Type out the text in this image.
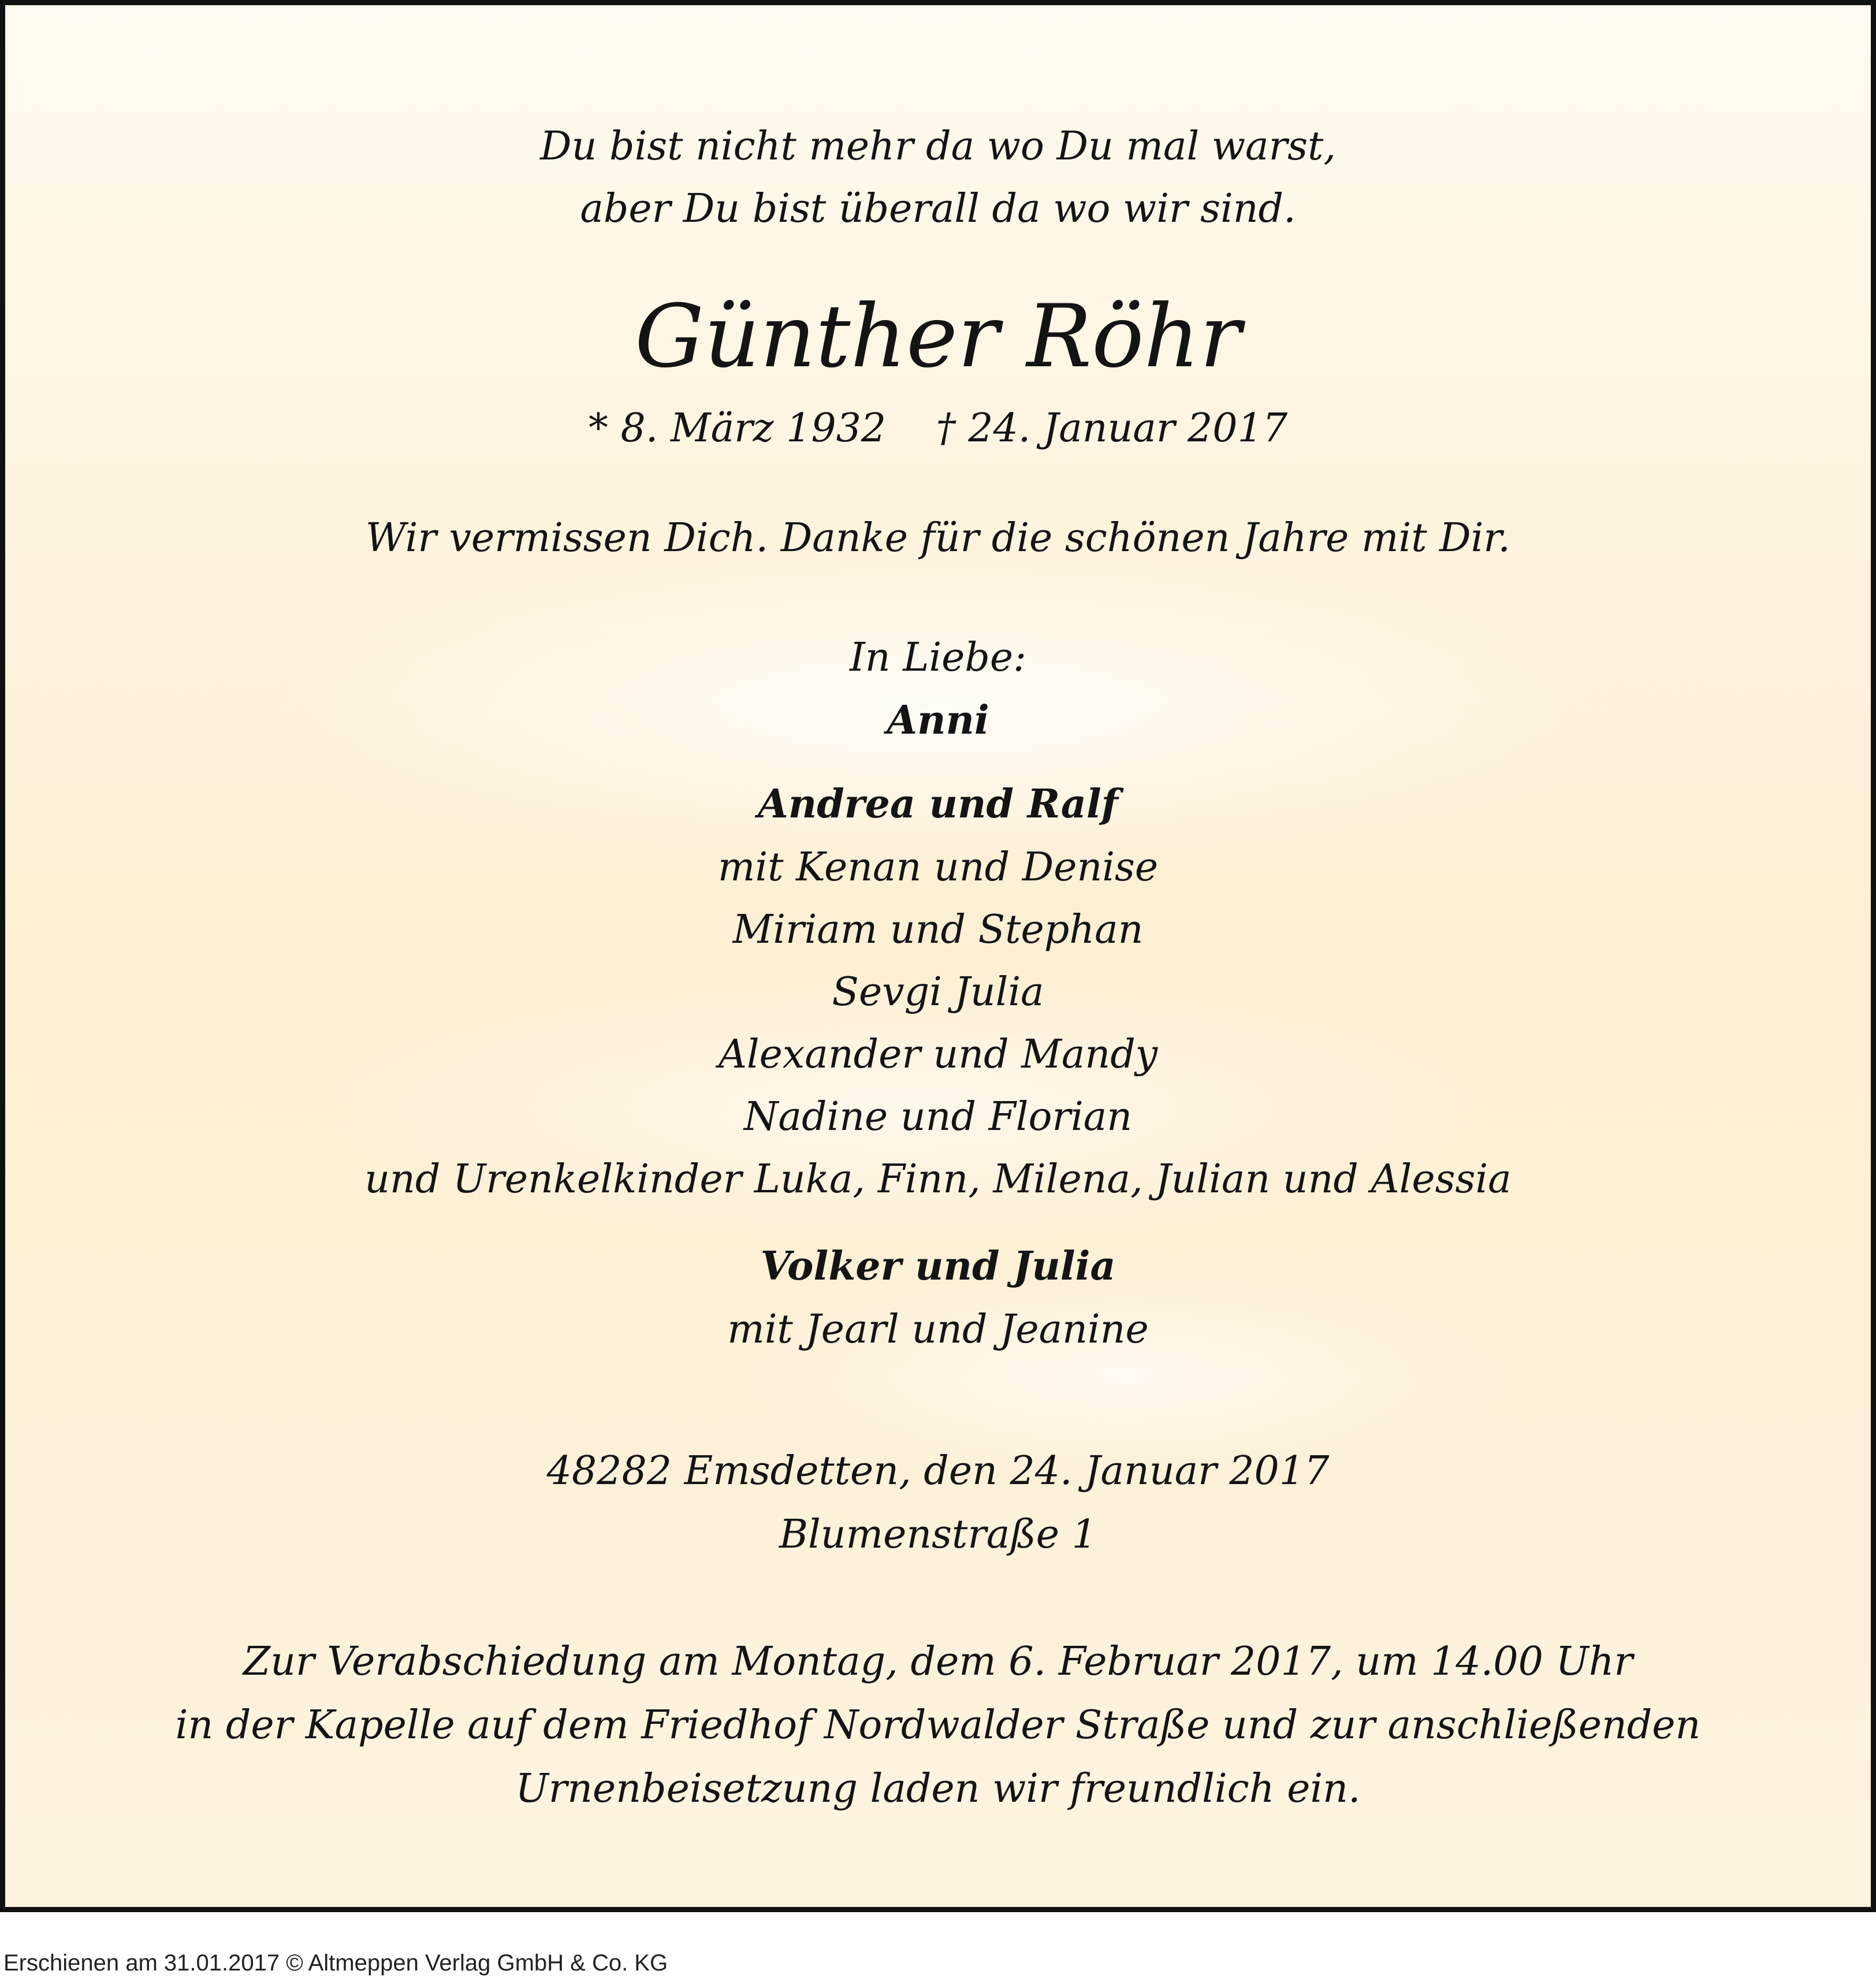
Du bist nicht mehr da wo Du mal warst,
aber Du bist überall da wo wir sind.
Günther Röhr
* 8. März 1932    † 24. Januar 2017
Wir vermissen Dich. Danke für die schönen Jahre mit Dir.
In Liebe:
Anni
Andrea und Ralf
mit Kenan und Denise
Miriam und Stephan
Sevgi Julia
Alexander und Mandy
Nadine und Florian
und Urenkelkinder Luka, Finn, Milena, Julian und Alessia
Volker und Julia
mit Jearl und Jeanine
48282 Emsdetten, den 24. Januar 2017
Blumenstraße 1
Zur Verabschiedung am Montag, dem 6. Februar 2017, um 14.00 Uhr
in der Kapelle auf dem Friedhof Nordwalder Straße und zur anschließenden
Urnenbeisetzung laden wir freundlich ein.
Erschienen am 31.01.2017 © Altmeppen Verlag GmbH & Co. KG
